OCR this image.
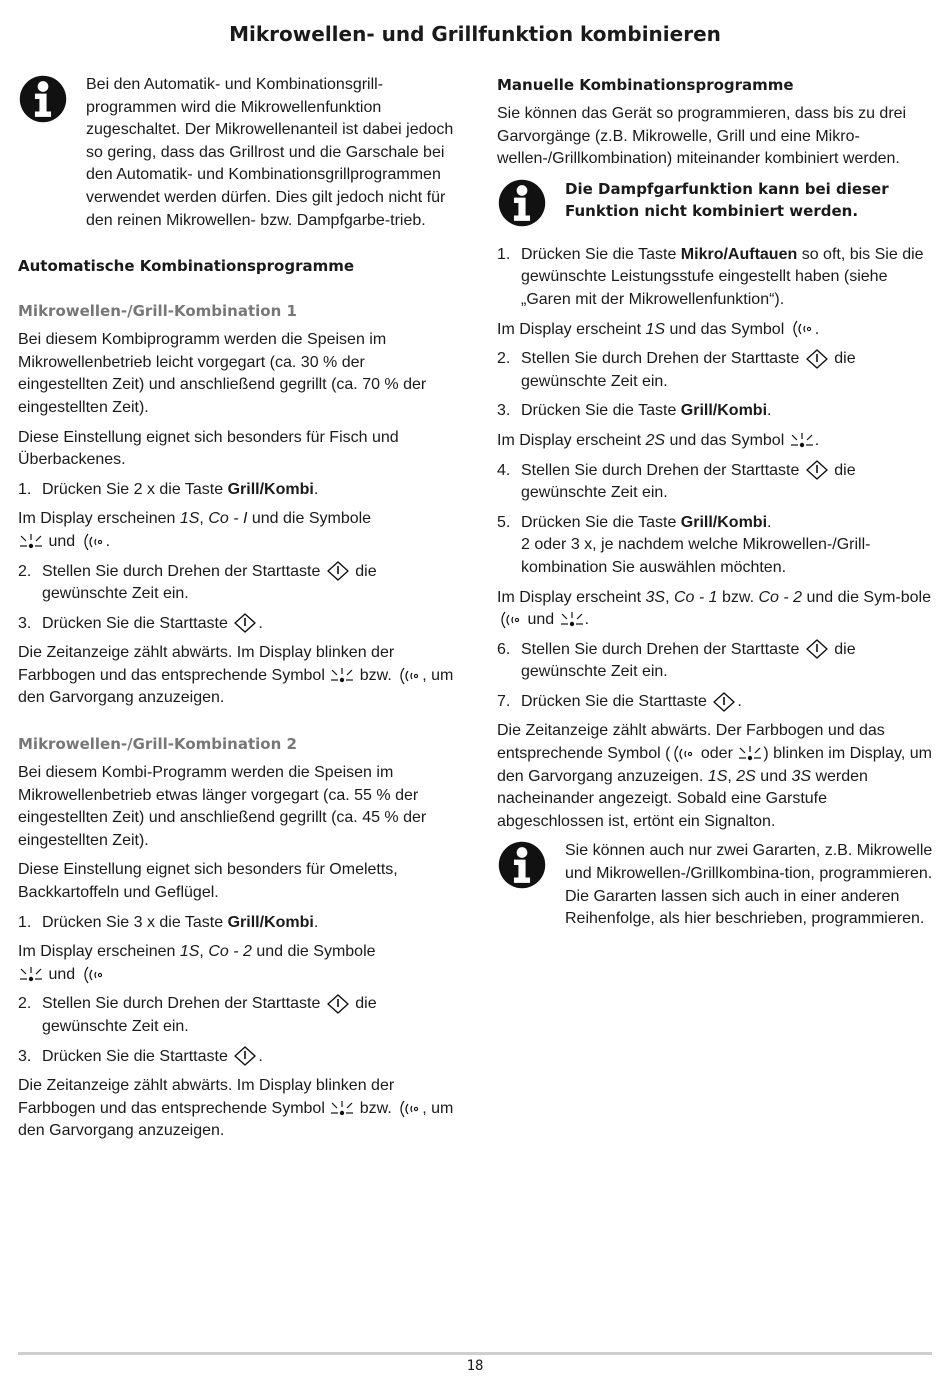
Mikrowellen- und Grillfunktion kombinieren

Bei den Automatik- und Kombinationsgrill-programmen wird die Mikrowellenfunktion zugeschaltet. Der Mikrowellenanteil ist dabei jedoch so gering, dass das Grillrost und die Garschale bei den Automatik- und Kombinationsgrillprogrammen verwendet werden dürfen. Dies gilt jedoch nicht für den reinen Mikrowellen- bzw. Dampfgarbe-trieb.

Automatische Kombinationsprogramme
Mikrowellen-/Grill-Kombination 1

Bei diesem Kombiprogramm werden die Speisen im Mikrowellenbetrieb leicht vorgegart (ca. 30 % der eingestellten Zeit) und anschließend gegrillt (ca. 70 % der eingestellten Zeit).

Diese Einstellung eignet sich besonders für Fisch und Überbackenes.

1. Drücken Sie 2 x die Taste Grill/Kombi.

Im Display erscheinen 1S, Co - I und die Symbole

und
.

2. Stellen Sie durch Drehen der Starttaste
die gewünschte Zeit ein.
3. Drücken Sie die Starttaste
.

Die Zeitanzeige zählt abwärts. Im Display blinken der Farbbogen und das entsprechende Symbol
bzw.
, um den Garvorgang anzuzeigen.

Mikrowellen-/Grill-Kombination 2

Bei diesem Kombi-Programm werden die Speisen im Mikrowellenbetrieb etwas länger vorgegart (ca. 55 % der eingestellten Zeit) und anschließend gegrillt (ca. 45 % der eingestellten Zeit).

Diese Einstellung eignet sich besonders für Omeletts, Backkartoffeln und Geflügel.

1. Drücken Sie 3 x die Taste Grill/Kombi.

Im Display erscheinen 1S, Co - 2 und die Symbole

und

2. Stellen Sie durch Drehen der Starttaste
die gewünschte Zeit ein.
3. Drücken Sie die Starttaste
.

Die Zeitanzeige zählt abwärts. Im Display blinken der Farbbogen und das entsprechende Symbol
bzw.
, um den Garvorgang anzuzeigen.

Manuelle Kombinationsprogramme

Sie können das Gerät so programmieren, dass bis zu drei Garvorgänge (z.B. Mikrowelle, Grill und eine Mikro-wellen-/Grillkombination) miteinander kombiniert werden.

Die Dampfgarfunktion kann bei dieser Funktion nicht kombiniert werden.

1. Drücken Sie die Taste Mikro/Auftauen so oft, bis Sie die gewünschte Leistungsstufe eingestellt haben (siehe „Garen mit der Mikrowellenfunktion“).

Im Display erscheint 1S und das Symbol
.

2. Stellen Sie durch Drehen der Starttaste
die gewünschte Zeit ein.
3. Drücken Sie die Taste Grill/Kombi.

Im Display erscheint 2S und das Symbol
.

4. Stellen Sie durch Drehen der Starttaste
die gewünschte Zeit ein.
5. Drücken Sie die Taste Grill/Kombi.
2 oder 3 x, je nachdem welche Mikrowellen-/Grill-kombination Sie auswählen möchten.

Im Display erscheint 3S, Co - 1 bzw. Co - 2 und die Sym-bole
und
.

6. Stellen Sie durch Drehen der Starttaste
die gewünschte Zeit ein.
7. Drücken Sie die Starttaste
.

Die Zeitanzeige zählt abwärts. Der Farbbogen und das entsprechende Symbol (
oder
) blinken im Display, um den Garvorgang anzuzeigen. 1S, 2S und 3S werden nacheinander angezeigt. Sobald eine Garstufe abgeschlossen ist, ertönt ein Signalton.

Sie können auch nur zwei Gararten, z.B. Mikrowelle und Mikrowellen-/Grillkombina-tion, programmieren. Die Gararten lassen sich auch in einer anderen Reihenfolge, als hier beschrieben, programmieren.

18
